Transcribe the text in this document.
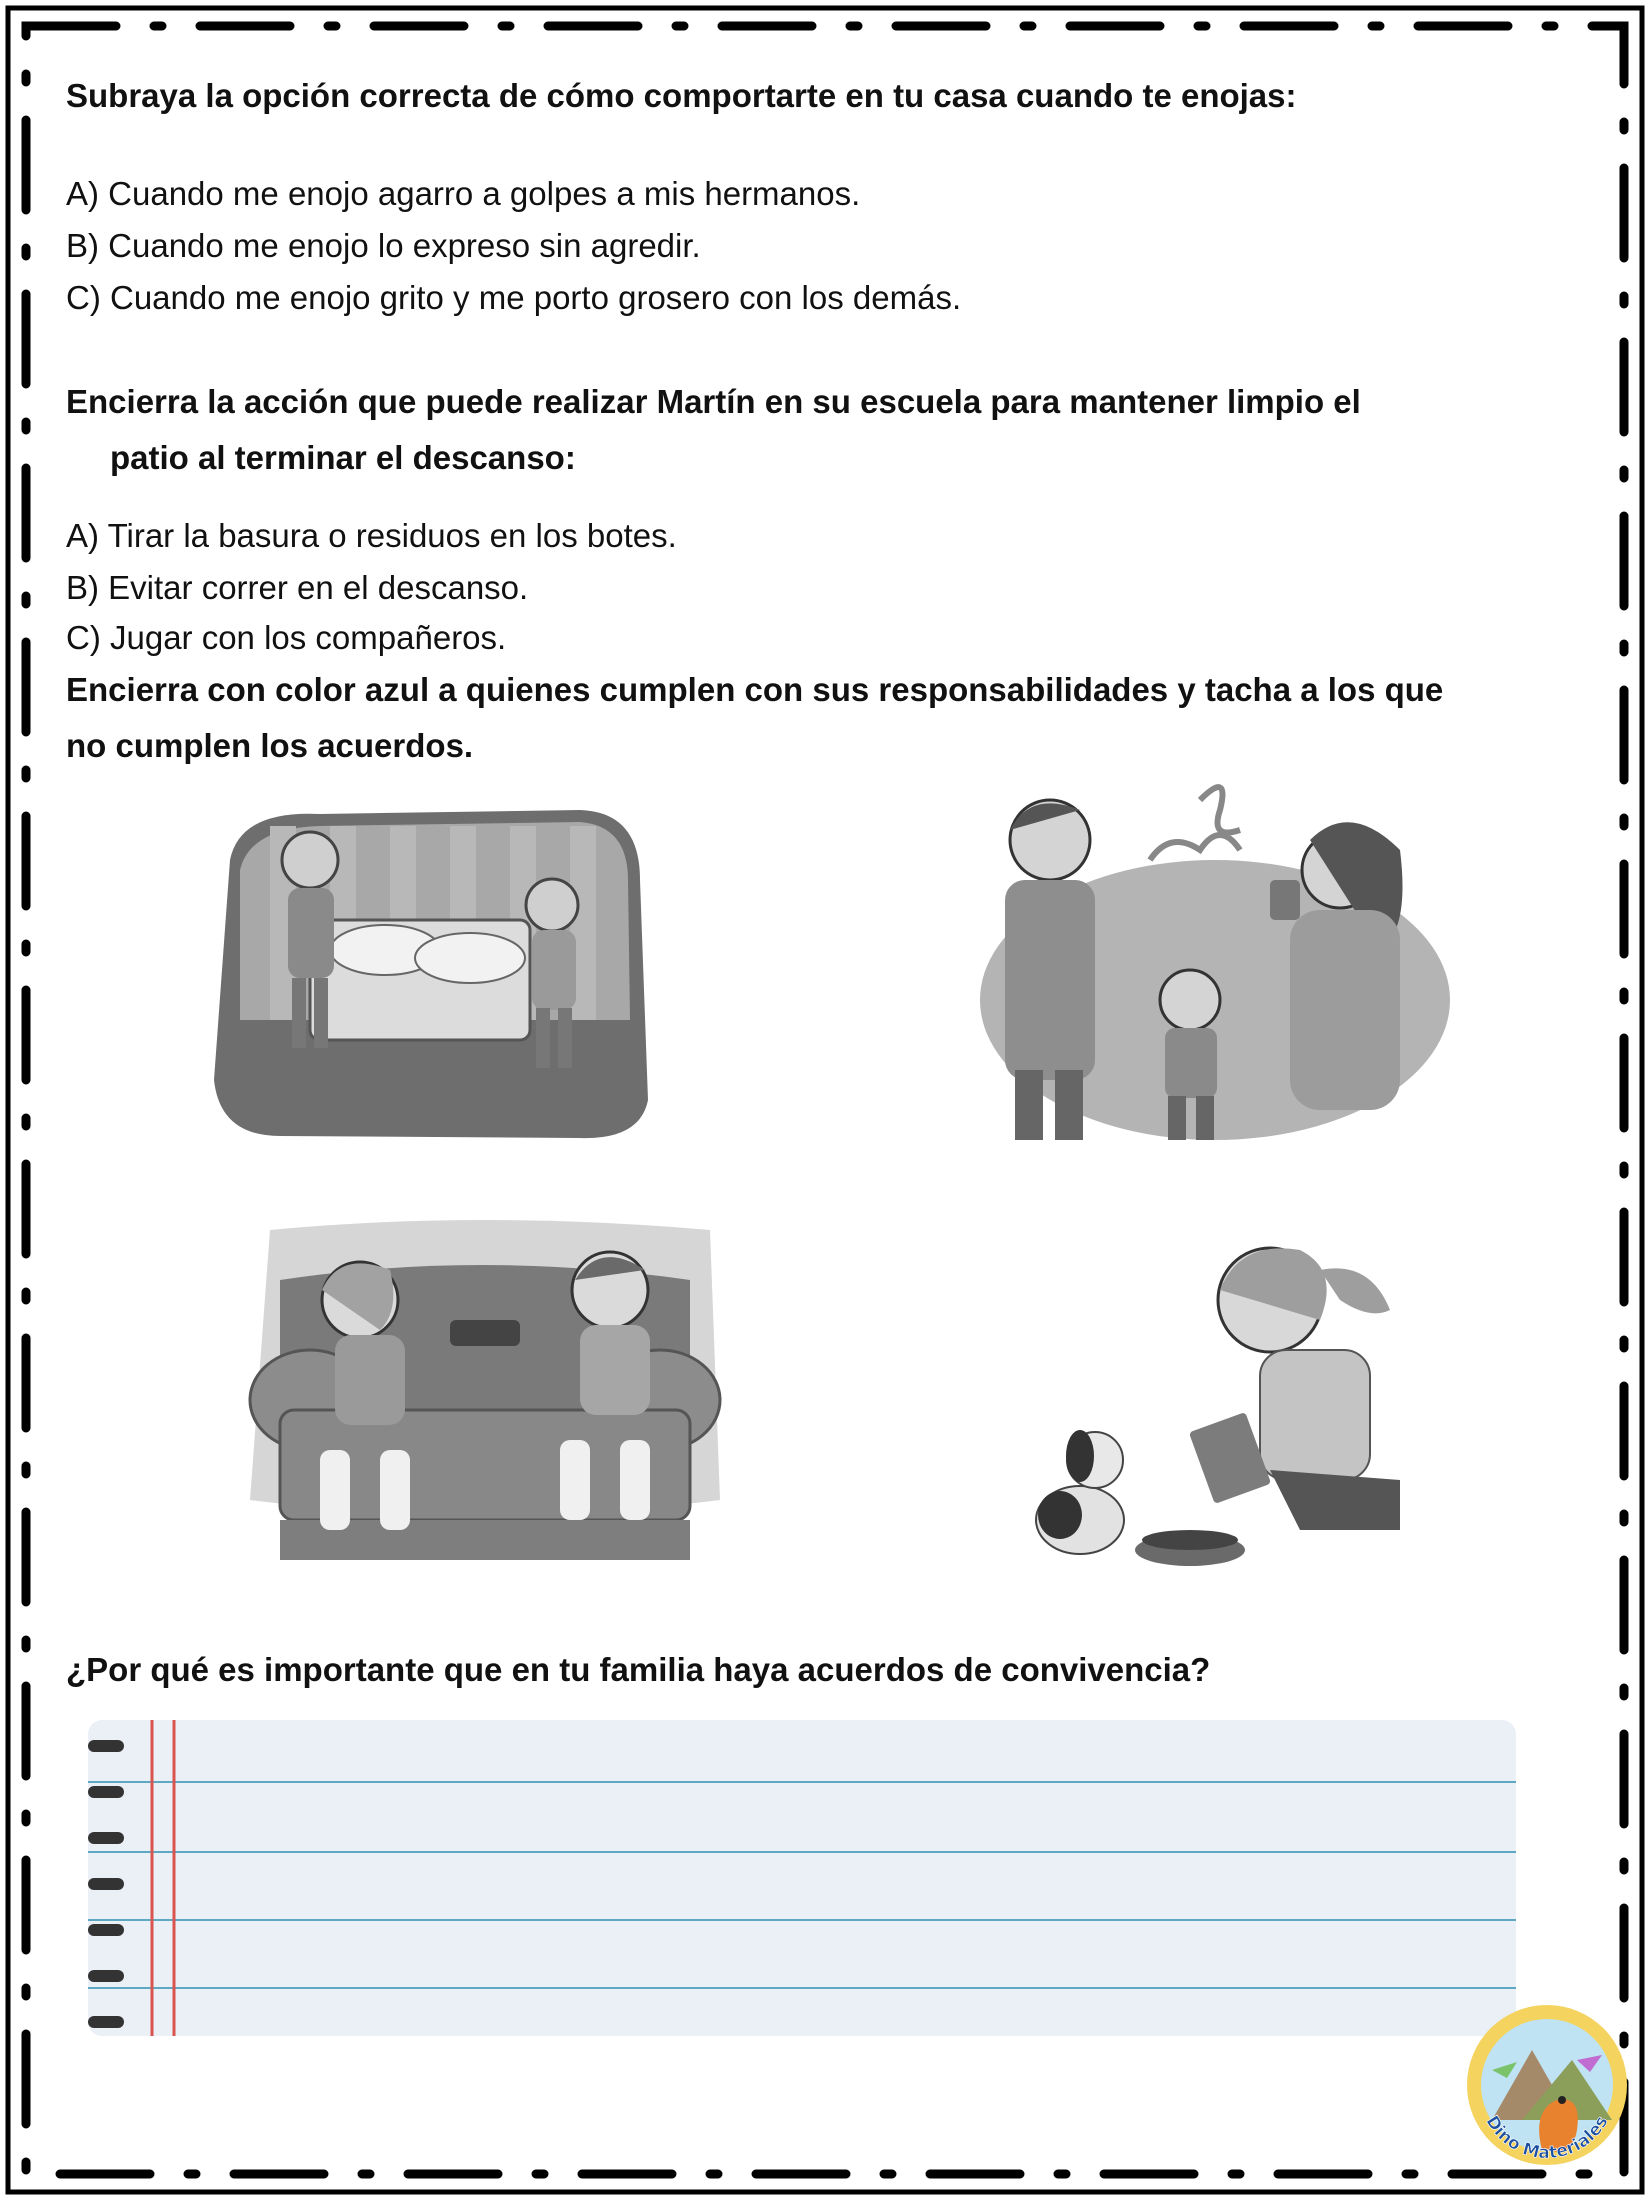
Subraya la opción correcta de cómo comportarte en tu casa cuando te enojas:
A) Cuando me enojo agarro a golpes a mis hermanos.
B) Cuando me enojo lo expreso sin agredir.
C) Cuando me enojo grito y me porto grosero con los demás.
Encierra la acción que puede realizar Martín en su escuela para mantener limpio el
patio al terminar el descanso:
A) Tirar la basura o residuos en los botes.
B) Evitar correr en el descanso.
C) Jugar con los compañeros.
Encierra con color azul a quienes cumplen con sus responsabilidades y tacha a los que
no cumplen los acuerdos.
¿Por qué es importante que en tu familia haya acuerdos de convivencia?
Dino Materiales
